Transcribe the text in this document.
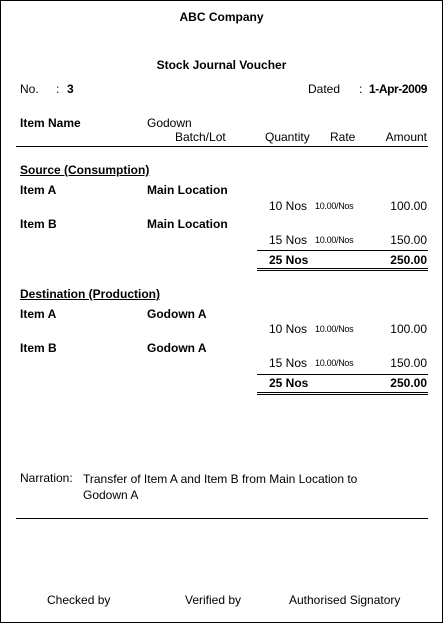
ABC Company
Stock Journal Voucher
No. : 3	Dated : 1-Apr-2009
Item Name	Godown
Batch/Lot	Quantity Rate	Amount
Source (Consumption)
Item A	Main Location
10 Nos 10.00/Nos	100.00
Item B	Main Location
15 Nos 10.00/Nos	150.00
25 Nos	250.00
Destination (Production)
Item A	Godown A
10 Nos 10.00/Nos	100.00
Item B	Godown A
15 Nos 10.00/Nos	150.00
25 Nos	250.00
Narration: Transfer of Item A and Item B from Main Location to Godown A
Checked by	Verified by	Authorised Signatory
